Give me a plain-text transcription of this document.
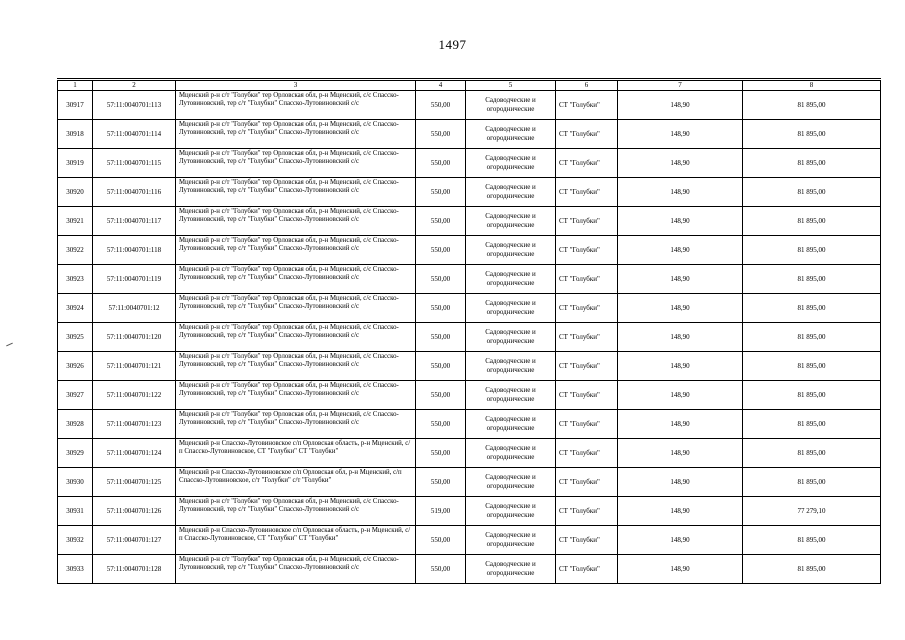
1497
1	2	3	4	5	6	7	8
30917	57:11:0040701:113	Мценский р-н с/т "Голубки" тер Орловская обл, р-н Мценский, с/с Спасско-Лутовиновский, тер с/т "Голубки" Спасско-Лутовиновский с/с	550,00	Садоводческие и огороднические	СТ "Голубки"	148,90	81 895,00
30918	57:11:0040701:114	Мценский р-н с/т "Голубки" тер Орловская обл, р-н Мценский, с/с Спасско-Лутовиновский, тер с/т "Голубки" Спасско-Лутовиновский с/с	550,00	Садоводческие и огороднические	СТ "Голубки"	148,90	81 895,00
30919	57:11:0040701:115	Мценский р-н с/т "Голубки" тер Орловская обл, р-н Мценский, с/с Спасско-Лутовиновский, тер с/т "Голубки" Спасско-Лутовиновский с/с	550,00	Садоводческие и огороднические	СТ "Голубки"	148,90	81 895,00
30920	57:11:0040701:116	Мценский р-н с/т "Голубки" тер Орловская обл, р-н Мценский, с/с Спасско-Лутовиновский, тер с/т "Голубки" Спасско-Лутовиновский с/с	550,00	Садоводческие и огороднические	СТ "Голубки"	148,90	81 895,00
30921	57:11:0040701:117	Мценский р-н с/т "Голубки" тер Орловская обл, р-н Мценский, с/с Спасско-Лутовиновский, тер с/т "Голубки" Спасско-Лутовиновский с/с	550,00	Садоводческие и огороднические	СТ "Голубки"	148,90	81 895,00
30922	57:11:0040701:118	Мценский р-н с/т "Голубки" тер Орловская обл, р-н Мценский, с/с Спасско-Лутовиновский, тер с/т "Голубки" Спасско-Лутовиновский с/с	550,00	Садоводческие и огороднические	СТ "Голубки"	148,90	81 895,00
30923	57:11:0040701:119	Мценский р-н с/т "Голубки" тер Орловская обл, р-н Мценский, с/с Спасско-Лутовиновский, тер с/т "Голубки" Спасско-Лутовиновский с/с	550,00	Садоводческие и огороднические	СТ "Голубки"	148,90	81 895,00
30924	57:11:0040701:12	Мценский р-н с/т "Голубки" тер Орловская обл, р-н Мценский, с/с Спасско-Лутовиновский, тер с/т "Голубки" Спасско-Лутовиновский с/с	550,00	Садоводческие и огороднические	СТ "Голубки"	148,90	81 895,00
30925	57:11:0040701:120	Мценский р-н с/т "Голубки" тер Орловская обл, р-н Мценский, с/с Спасско-Лутовиновский, тер с/т "Голубки" Спасско-Лутовиновский с/с	550,00	Садоводческие и огороднические	СТ "Голубки"	148,90	81 895,00
30926	57:11:0040701:121	Мценский р-н с/т "Голубки" тер Орловская обл, р-н Мценский, с/с Спасско-Лутовиновский, тер с/т "Голубки" Спасско-Лутовиновский с/с	550,00	Садоводческие и огороднические	СТ "Голубки"	148,90	81 895,00
30927	57:11:0040701:122	Мценский р-н с/т "Голубки" тер Орловская обл, р-н Мценский, с/с Спасско-Лутовиновский, тер с/т "Голубки" Спасско-Лутовиновский с/с	550,00	Садоводческие и огороднические	СТ "Голубки"	148,90	81 895,00
30928	57:11:0040701:123	Мценский р-н с/т "Голубки" тер Орловская обл, р-н Мценский, с/с Спасско-Лутовиновский, тер с/т "Голубки" Спасско-Лутовиновский с/с	550,00	Садоводческие и огороднические	СТ "Голубки"	148,90	81 895,00
30929	57:11:0040701:124	Мценский р-н Спасско-Лутовиновское с/п Орловская область, р-н Мценский, с/п Спасско-Лутовиновское, СТ "Голубки" СТ "Голубки"	550,00	Садоводческие и огороднические	СТ "Голубки"	148,90	81 895,00
30930	57:11:0040701:125	Мценский р-н Спасско-Лутовиновское с/п Орловская обл, р-н Мценский, с/п Спасско-Лутовиновское, с/т "Голубки" с/т "Голубки"	550,00	Садоводческие и огороднические	СТ "Голубки"	148,90	81 895,00
30931	57:11:0040701:126	Мценский р-н с/т "Голубки" тер Орловская обл, р-н Мценский, с/с Спасско-Лутовиновский, тер с/т "Голубки" Спасско-Лутовиновский с/с	519,00	Садоводческие и огороднические	СТ "Голубки"	148,90	77 279,10
30932	57:11:0040701:127	Мценский р-н Спасско-Лутовиновское с/п Орловская область, р-н Мценский, с/п Спасско-Лутовиновское, СТ "Голубки" СТ "Голубки"	550,00	Садоводческие и огороднические	СТ "Голубки"	148,90	81 895,00
30933	57:11:0040701:128	Мценский р-н с/т "Голубки" тер Орловская обл, р-н Мценский, с/с Спасско-Лутовиновский, тер с/т "Голубки" Спасско-Лутовиновский с/с	550,00	Садоводческие и огороднические	СТ "Голубки"	148,90	81 895,00
